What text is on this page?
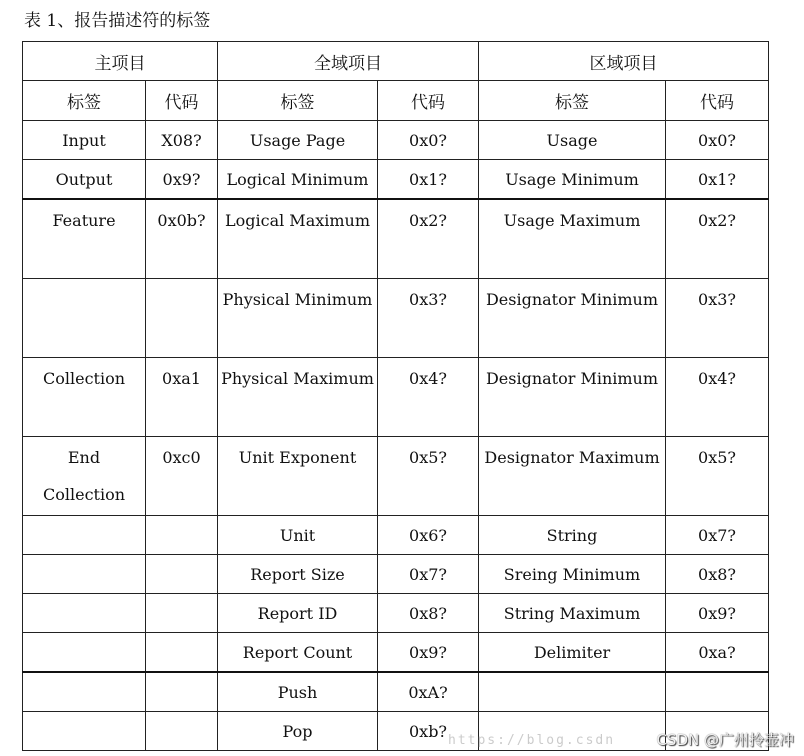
表 1、报告描述符的标签
主项目		全域项目		区域项目	
标签	代码	标签	代码	标签	代码
Input	X08?	Usage Page	0x0?	Usage	0x0?
Output	0x9?	Logical Minimum	0x1?	Usage Minimum	0x1?
Feature	0x0b?	Logical Maximum	0x2?	Usage Maximum	0x2?
		Physical Minimum	0x3?	Designator Minimum	0x3?
Collection	0xa1	Physical Maximum	0x4?	Designator Minimum	0x4?
End Collection	0xc0	Unit Exponent	0x5?	Designator Maximum	0x5?
		Unit	0x6?	String	0x7?
		Report Size	0x7?	Sreing Minimum	0x8?
		Report ID	0x8?	String Maximum	0x9?
		Report Count	0x9?	Delimiter	0xa?
		Push	0xA?		
		Pop	0xb?		https://blog.csdn	CSDN @广州拎壶冲
